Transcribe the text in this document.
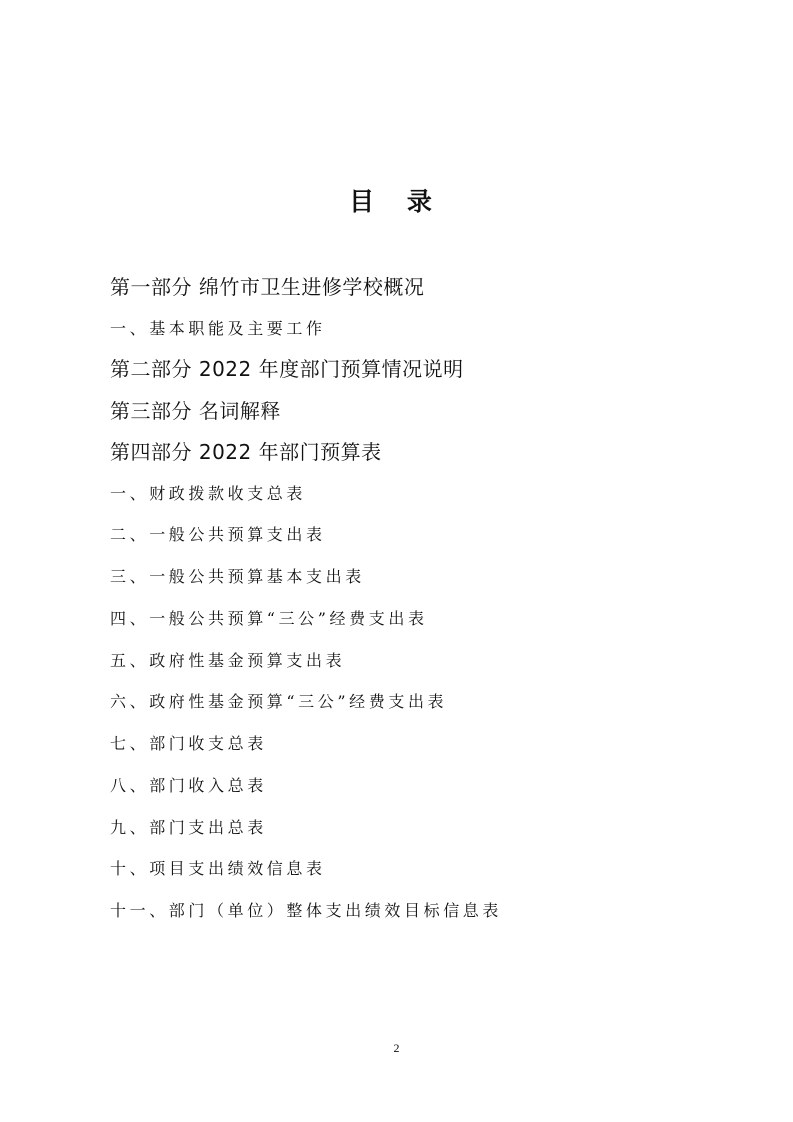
目 录
第一部分 绵竹市卫生进修学校概况
一、基本职能及主要工作
第二部分 2022 年度部门预算情况说明
第三部分 名词解释
第四部分 2022 年部门预算表
一、财政拨款收支总表
二、一般公共预算支出表
三、一般公共预算基本支出表
四、一般公共预算“三公”经费支出表
五、政府性基金预算支出表
六、政府性基金预算“三公”经费支出表
七、部门收支总表
八、部门收入总表
九、部门支出总表
十、项目支出绩效信息表
十一、部门（单位）整体支出绩效目标信息表
2
